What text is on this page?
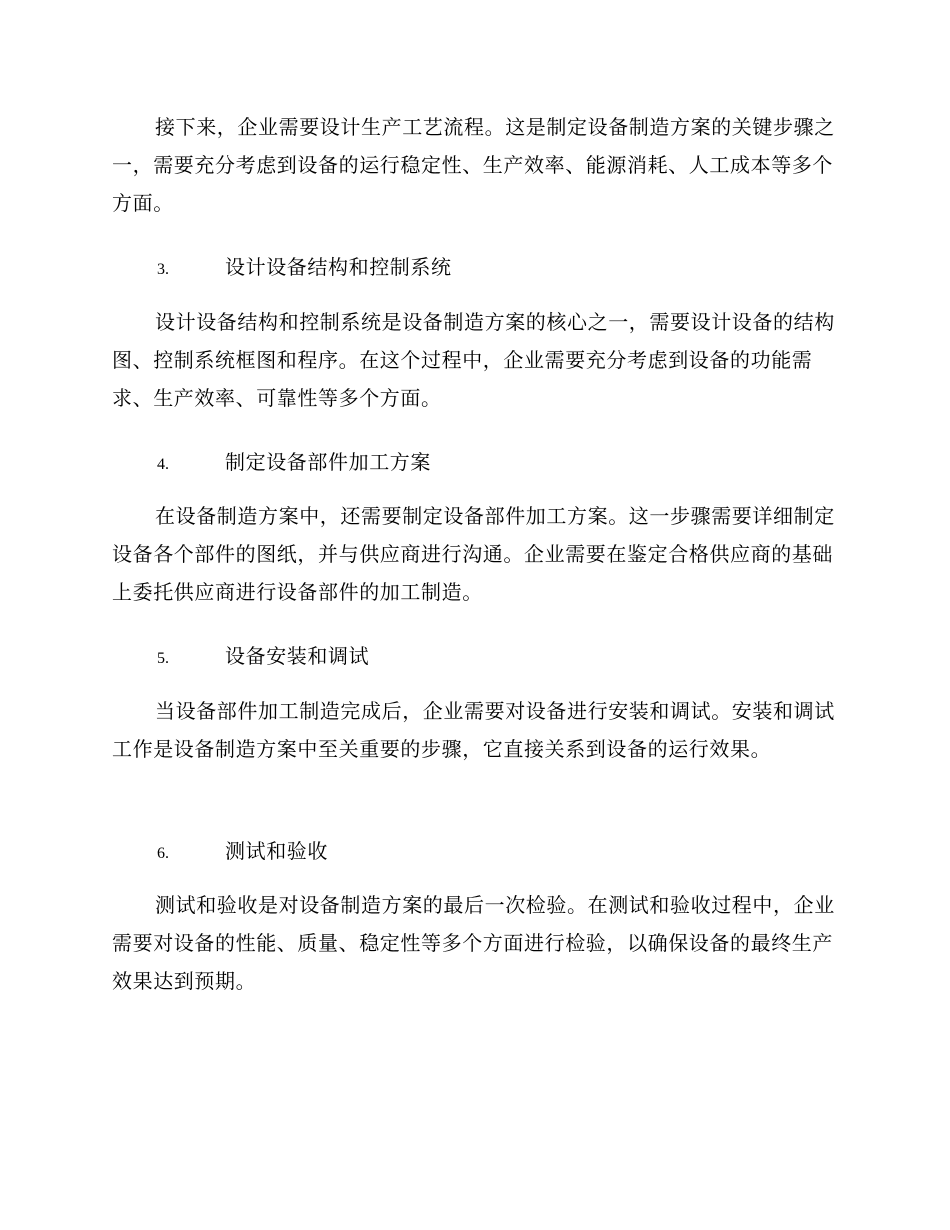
接下来，企业需要设计生产工艺流程。这是制定设备制造方案的关键步骤之一，需要充分考虑到设备的运行稳定性、生产效率、能源消耗、人工成本等多个方面。

3.	设计设备结构和控制系统

设计设备结构和控制系统是设备制造方案的核心之一，需要设计设备的结构图、控制系统框图和程序。在这个过程中，企业需要充分考虑到设备的功能需求、生产效率、可靠性等多个方面。

4.	制定设备部件加工方案

在设备制造方案中，还需要制定设备部件加工方案。这一步骤需要详细制定设备各个部件的图纸，并与供应商进行沟通。企业需要在鉴定合格供应商的基础上委托供应商进行设备部件的加工制造。

5.	设备安装和调试

当设备部件加工制造完成后，企业需要对设备进行安装和调试。安装和调试工作是设备制造方案中至关重要的步骤，它直接关系到设备的运行效果。

6.	测试和验收

测试和验收是对设备制造方案的最后一次检验。在测试和验收过程中，企业需要对设备的性能、质量、稳定性等多个方面进行检验，以确保设备的最终生产效果达到预期。
